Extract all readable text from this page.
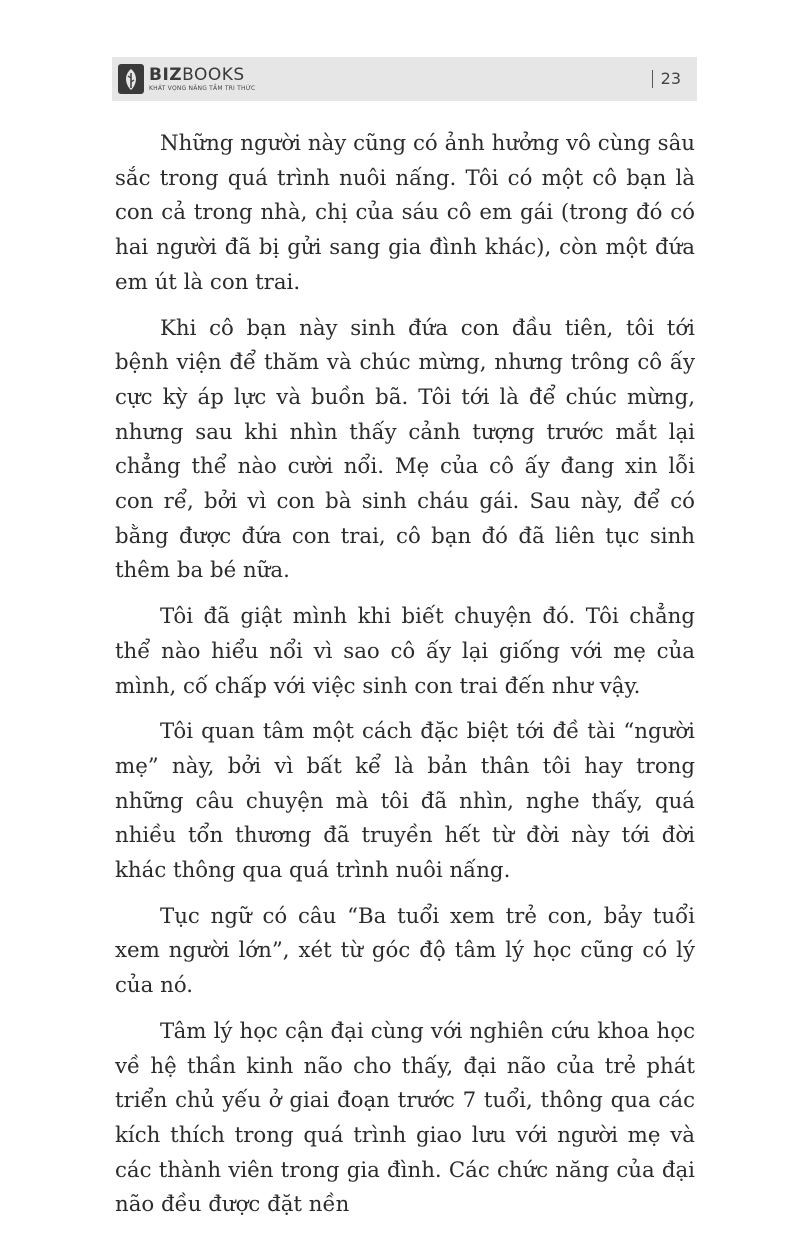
BIZBOOKS
KHÁT VỌNG NÂNG TẦM TRI THỨC	23

Những người này cũng có ảnh hưởng vô cùng sâu sắc trong quá trình nuôi nấng. Tôi có một cô bạn là con cả trong nhà, chị của sáu cô em gái (trong đó có hai người đã bị gửi sang gia đình khác), còn một đứa em út là con trai.

Khi cô bạn này sinh đứa con đầu tiên, tôi tới bệnh viện để thăm và chúc mừng, nhưng trông cô ấy cực kỳ áp lực và buồn bã. Tôi tới là để chúc mừng, nhưng sau khi nhìn thấy cảnh tượng trước mắt lại chẳng thể nào cười nổi. Mẹ của cô ấy đang xin lỗi con rể, bởi vì con bà sinh cháu gái. Sau này, để có bằng được đứa con trai, cô bạn đó đã liên tục sinh thêm ba bé nữa.

Tôi đã giật mình khi biết chuyện đó. Tôi chẳng thể nào hiểu nổi vì sao cô ấy lại giống với mẹ của mình, cố chấp với việc sinh con trai đến như vậy.

Tôi quan tâm một cách đặc biệt tới đề tài “người mẹ” này, bởi vì bất kể là bản thân tôi hay trong những câu chuyện mà tôi đã nhìn, nghe thấy, quá nhiều tổn thương đã truyền hết từ đời này tới đời khác thông qua quá trình nuôi nấng.

Tục ngữ có câu “Ba tuổi xem trẻ con, bảy tuổi xem người lớn”, xét từ góc độ tâm lý học cũng có lý của nó.

Tâm lý học cận đại cùng với nghiên cứu khoa học về hệ thần kinh não cho thấy, đại não của trẻ phát triển chủ yếu ở giai đoạn trước 7 tuổi, thông qua các kích thích trong quá trình giao lưu với người mẹ và các thành viên trong gia đình. Các chức năng của đại não đều được đặt nền
